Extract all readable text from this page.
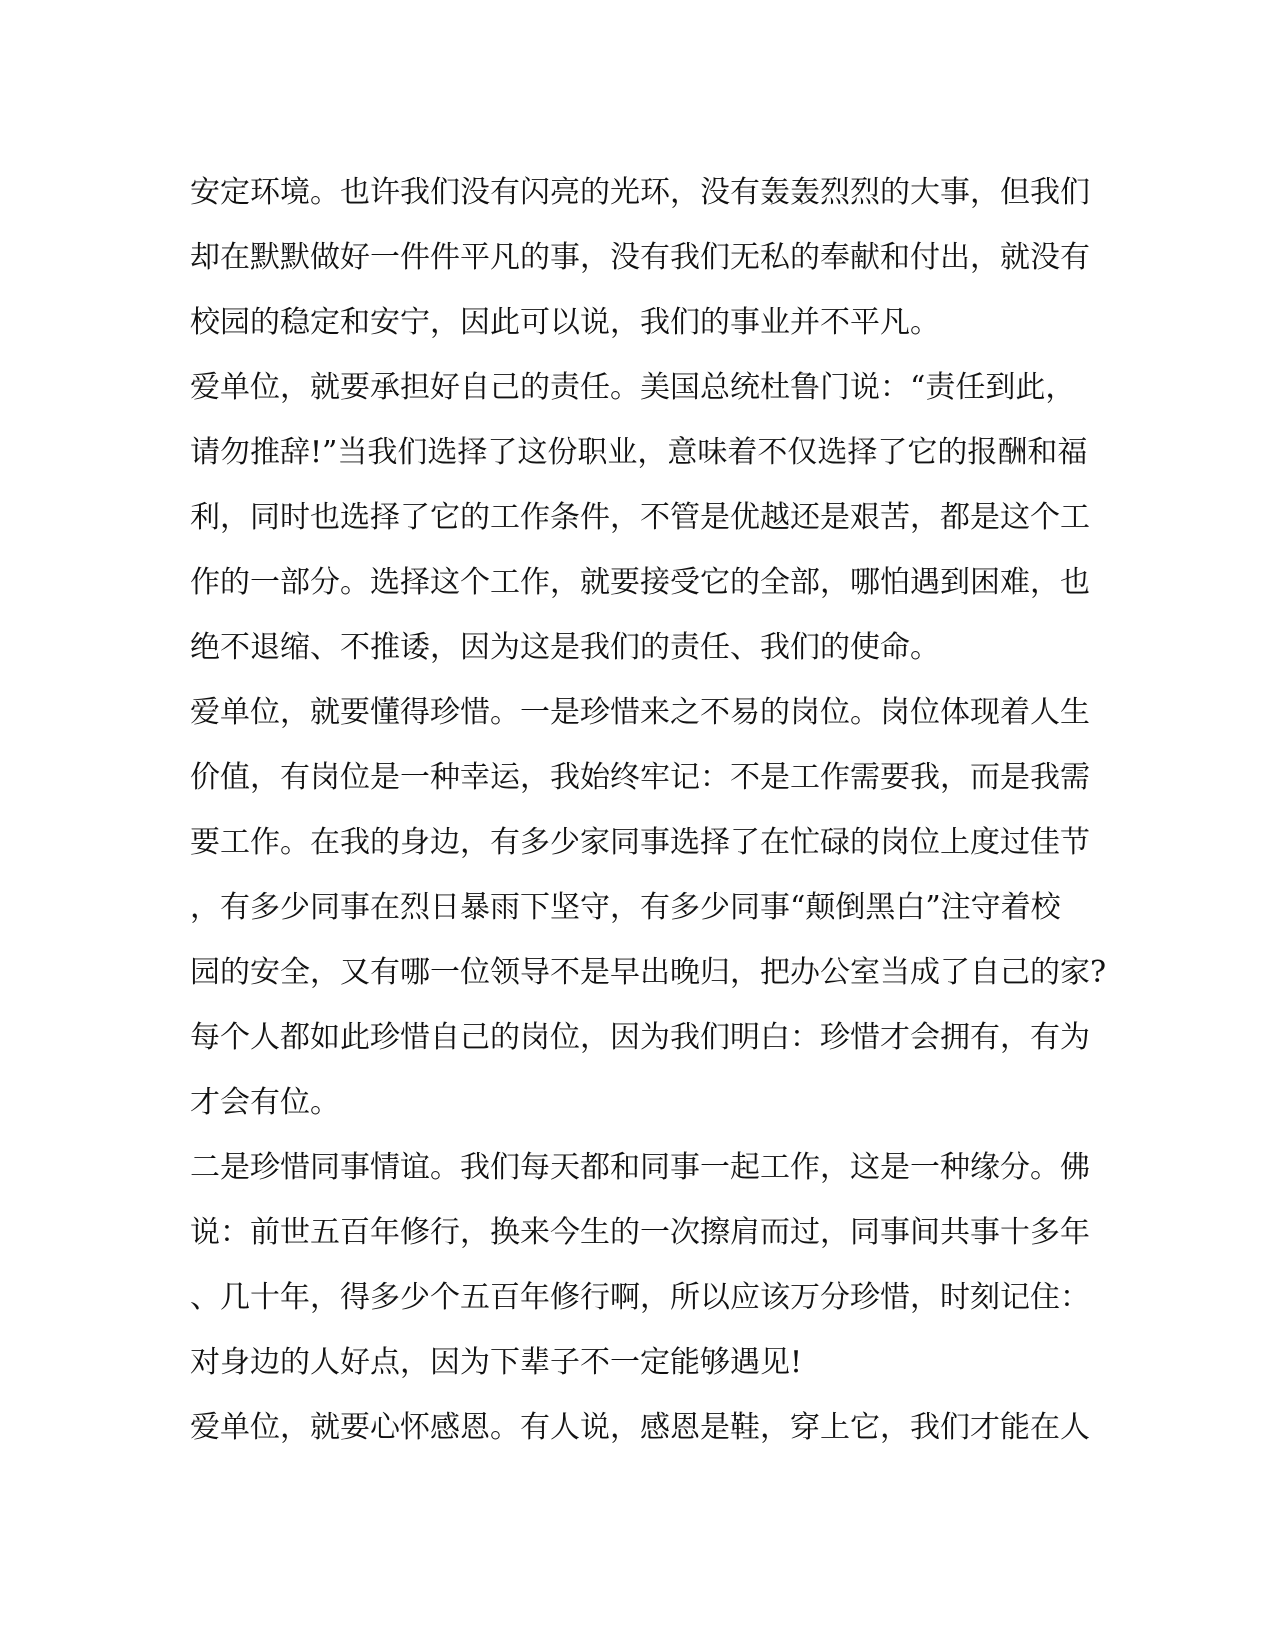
安定环境。也许我们没有闪亮的光环，没有轰轰烈烈的大事，但我们
却在默默做好一件件平凡的事，没有我们无私的奉献和付出，就没有
校园的稳定和安宁，因此可以说，我们的事业并不平凡。
爱单位，就要承担好自己的责任。美国总统杜鲁门说：“责任到此，
请勿推辞!”当我们选择了这份职业，意味着不仅选择了它的报酬和福
利，同时也选择了它的工作条件，不管是优越还是艰苦，都是这个工
作的一部分。选择这个工作，就要接受它的全部，哪怕遇到困难，也
绝不退缩、不推诿，因为这是我们的责任、我们的使命。
爱单位，就要懂得珍惜。一是珍惜来之不易的岗位。岗位体现着人生
价值，有岗位是一种幸运，我始终牢记：不是工作需要我，而是我需
要工作。在我的身边，有多少家同事选择了在忙碌的岗位上度过佳节
，有多少同事在烈日暴雨下坚守，有多少同事“颠倒黑白”注守着校
园的安全，又有哪一位领导不是早出晚归，把办公室当成了自己的家?
每个人都如此珍惜自己的岗位，因为我们明白：珍惜才会拥有，有为
才会有位。
二是珍惜同事情谊。我们每天都和同事一起工作，这是一种缘分。佛
说：前世五百年修行，换来今生的一次擦肩而过，同事间共事十多年
、几十年，得多少个五百年修行啊，所以应该万分珍惜，时刻记住：
对身边的人好点，因为下辈子不一定能够遇见!
爱单位，就要心怀感恩。有人说，感恩是鞋，穿上它，我们才能在人
